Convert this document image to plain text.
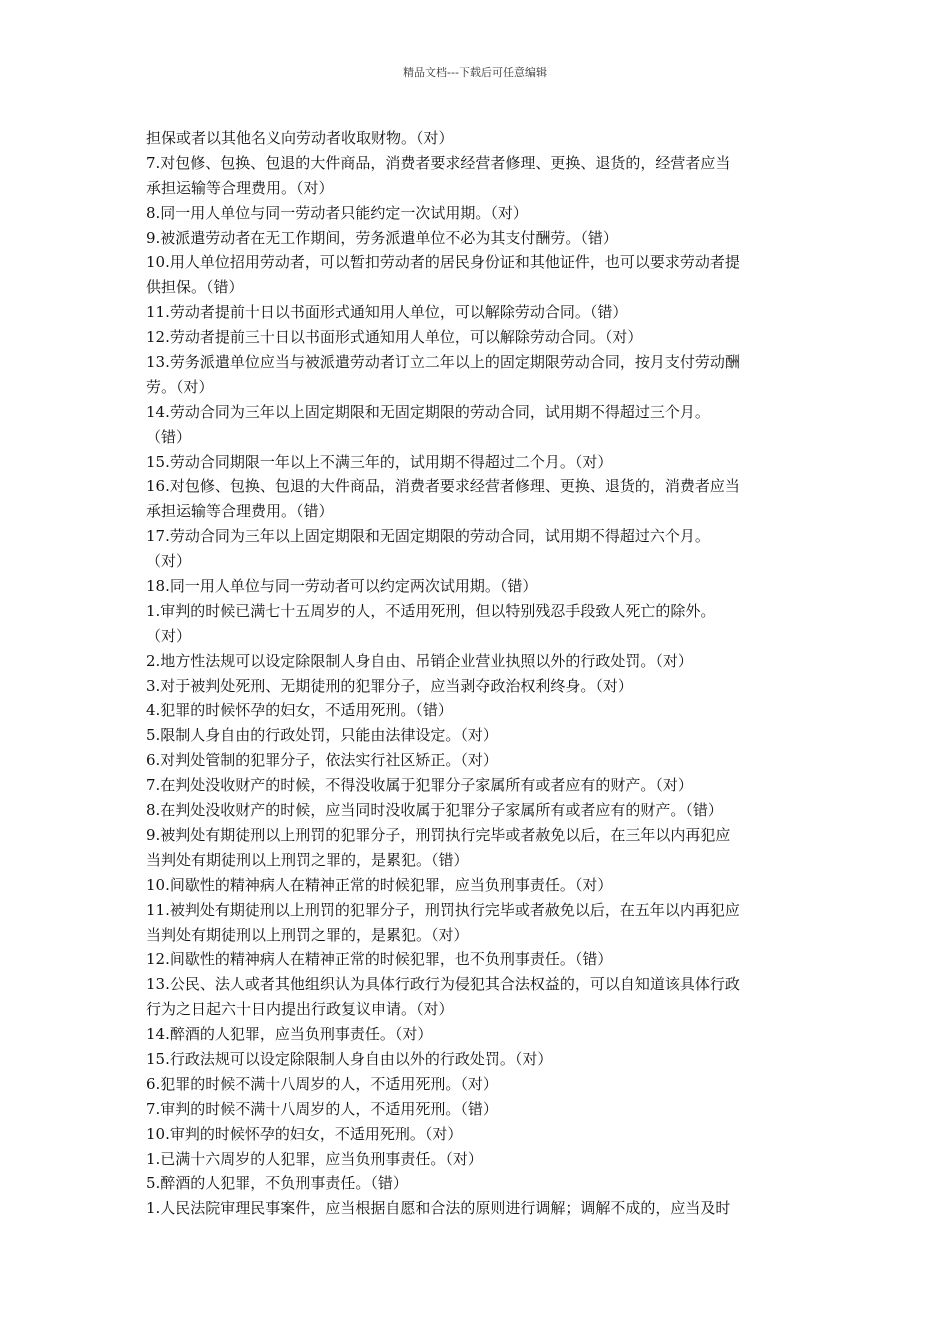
精品文档---下载后可任意编辑
担保或者以其他名义向劳动者收取财物。（对）
7.对包修、包换、包退的大件商品，消费者要求经营者修理、更换、退货的，经营者应当
承担运输等合理费用。（对）
8.同一用人单位与同一劳动者只能约定一次试用期。（对）
9.被派遣劳动者在无工作期间，劳务派遣单位不必为其支付酬劳。（错）
10.用人单位招用劳动者，可以暂扣劳动者的居民身份证和其他证件，也可以要求劳动者提
供担保。（错）
11.劳动者提前十日以书面形式通知用人单位，可以解除劳动合同。（错）
12.劳动者提前三十日以书面形式通知用人单位，可以解除劳动合同。（对）
13.劳务派遣单位应当与被派遣劳动者订立二年以上的固定期限劳动合同，按月支付劳动酬
劳。（对）
14.劳动合同为三年以上固定期限和无固定期限的劳动合同，试用期不得超过三个月。
（错）
15.劳动合同期限一年以上不满三年的，试用期不得超过二个月。（对）
16.对包修、包换、包退的大件商品，消费者要求经营者修理、更换、退货的，消费者应当
承担运输等合理费用。（错）
17.劳动合同为三年以上固定期限和无固定期限的劳动合同，试用期不得超过六个月。
（对）
18.同一用人单位与同一劳动者可以约定两次试用期。（错）
1.审判的时候已满七十五周岁的人，不适用死刑，但以特别残忍手段致人死亡的除外。
（对）
2.地方性法规可以设定除限制人身自由、吊销企业营业执照以外的行政处罚。（对）
3.对于被判处死刑、无期徒刑的犯罪分子，应当剥夺政治权利终身。（对）
4.犯罪的时候怀孕的妇女，不适用死刑。（错）
5.限制人身自由的行政处罚，只能由法律设定。（对）
6.对判处管制的犯罪分子，依法实行社区矫正。（对）
7.在判处没收财产的时候，不得没收属于犯罪分子家属所有或者应有的财产。（对）
8.在判处没收财产的时候，应当同时没收属于犯罪分子家属所有或者应有的财产。（错）
9.被判处有期徒刑以上刑罚的犯罪分子，刑罚执行完毕或者赦免以后，在三年以内再犯应
当判处有期徒刑以上刑罚之罪的，是累犯。（错）
10.间歇性的精神病人在精神正常的时候犯罪，应当负刑事责任。（对）
11.被判处有期徒刑以上刑罚的犯罪分子，刑罚执行完毕或者赦免以后，在五年以内再犯应
当判处有期徒刑以上刑罚之罪的，是累犯。（对）
12.间歇性的精神病人在精神正常的时候犯罪，也不负刑事责任。（错）
13.公民、法人或者其他组织认为具体行政行为侵犯其合法权益的，可以自知道该具体行政
行为之日起六十日内提出行政复议申请。（对）
14.醉酒的人犯罪，应当负刑事责任。（对）
15.行政法规可以设定除限制人身自由以外的行政处罚。（对）
6.犯罪的时候不满十八周岁的人，不适用死刑。（对）
7.审判的时候不满十八周岁的人，不适用死刑。（错）
10.审判的时候怀孕的妇女，不适用死刑。（对）
1.已满十六周岁的人犯罪，应当负刑事责任。（对）
5.醉酒的人犯罪，不负刑事责任。（错）
1.人民法院审理民事案件，应当根据自愿和合法的原则进行调解；调解不成的，应当及时
